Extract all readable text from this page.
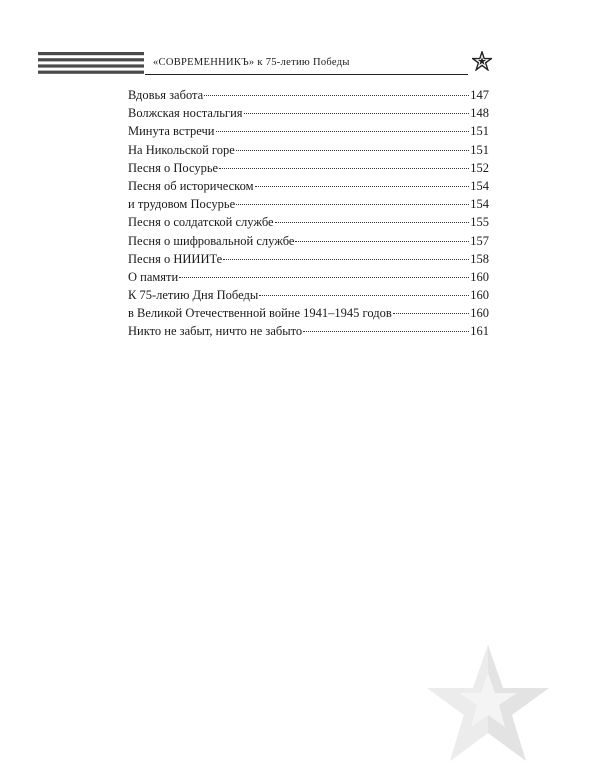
«СОВРЕМЕННИКЪ» к 75-летию Победы
Вдовья забота	147
Волжская ностальгия	148
Минута встречи	151
На Никольской горе	151
Песня о Посурье	152
Песня об историческом	154
и трудовом Посурье	154
Песня о солдатской службе	155
Песня о шифровальной службе	157
Песня о НИИИТе	158
О памяти	160
К 75-летию Дня Победы	160
в Великой Отечественной войне 1941–1945 годов	160
Никто не забыт, ничто не забыто	161
